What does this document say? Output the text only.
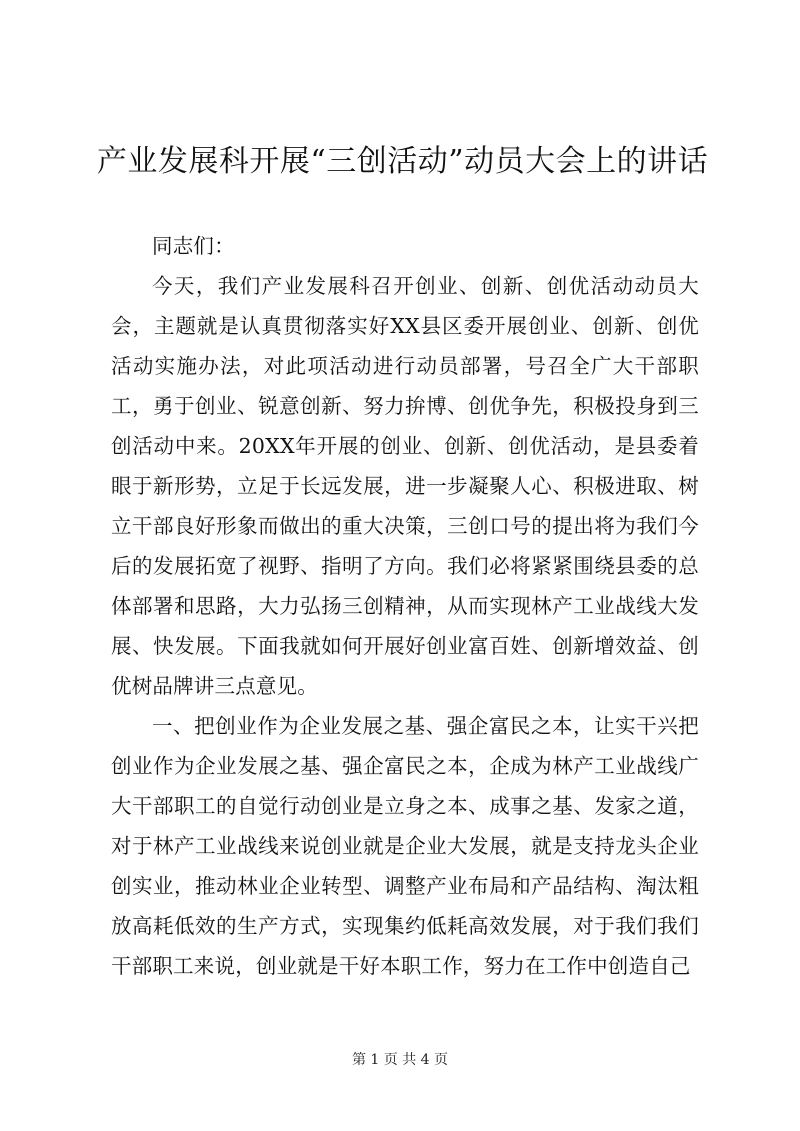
产业发展科开展“三创活动”动员大会上的讲话

同志们：

今天，我们产业发展科召开创业、创新、创优活动动员大会，主题就是认真贯彻落实好XX县区委开展创业、创新、创优活动实施办法，对此项活动进行动员部署，号召全广大干部职工，勇于创业、锐意创新、努力拚博、创优争先，积极投身到三创活动中来。20XX年开展的创业、创新、创优活动，是县委着眼于新形势，立足于长远发展，进一步凝聚人心、积极进取、树立干部良好形象而做出的重大决策，三创口号的提出将为我们今后的发展拓宽了视野、指明了方向。我们必将紧紧围绕县委的总体部署和思路，大力弘扬三创精神，从而实现林产工业战线大发展、快发展。下面我就如何开展好创业富百姓、创新增效益、创优树品牌讲三点意见。

一、把创业作为企业发展之基、强企富民之本，让实干兴把创业作为企业发展之基、强企富民之本，企成为林产工业战线广大干部职工的自觉行动创业是立身之本、成事之基、发家之道，对于林产工业战线来说创业就是企业大发展，就是支持龙头企业创实业，推动林业企业转型、调整产业布局和产品结构、淘汰粗放高耗低效的生产方式，实现集约低耗高效发展，对于我们我们干部职工来说，创业就是干好本职工作，努力在工作中创造自己

第 1 页 共 4 页
